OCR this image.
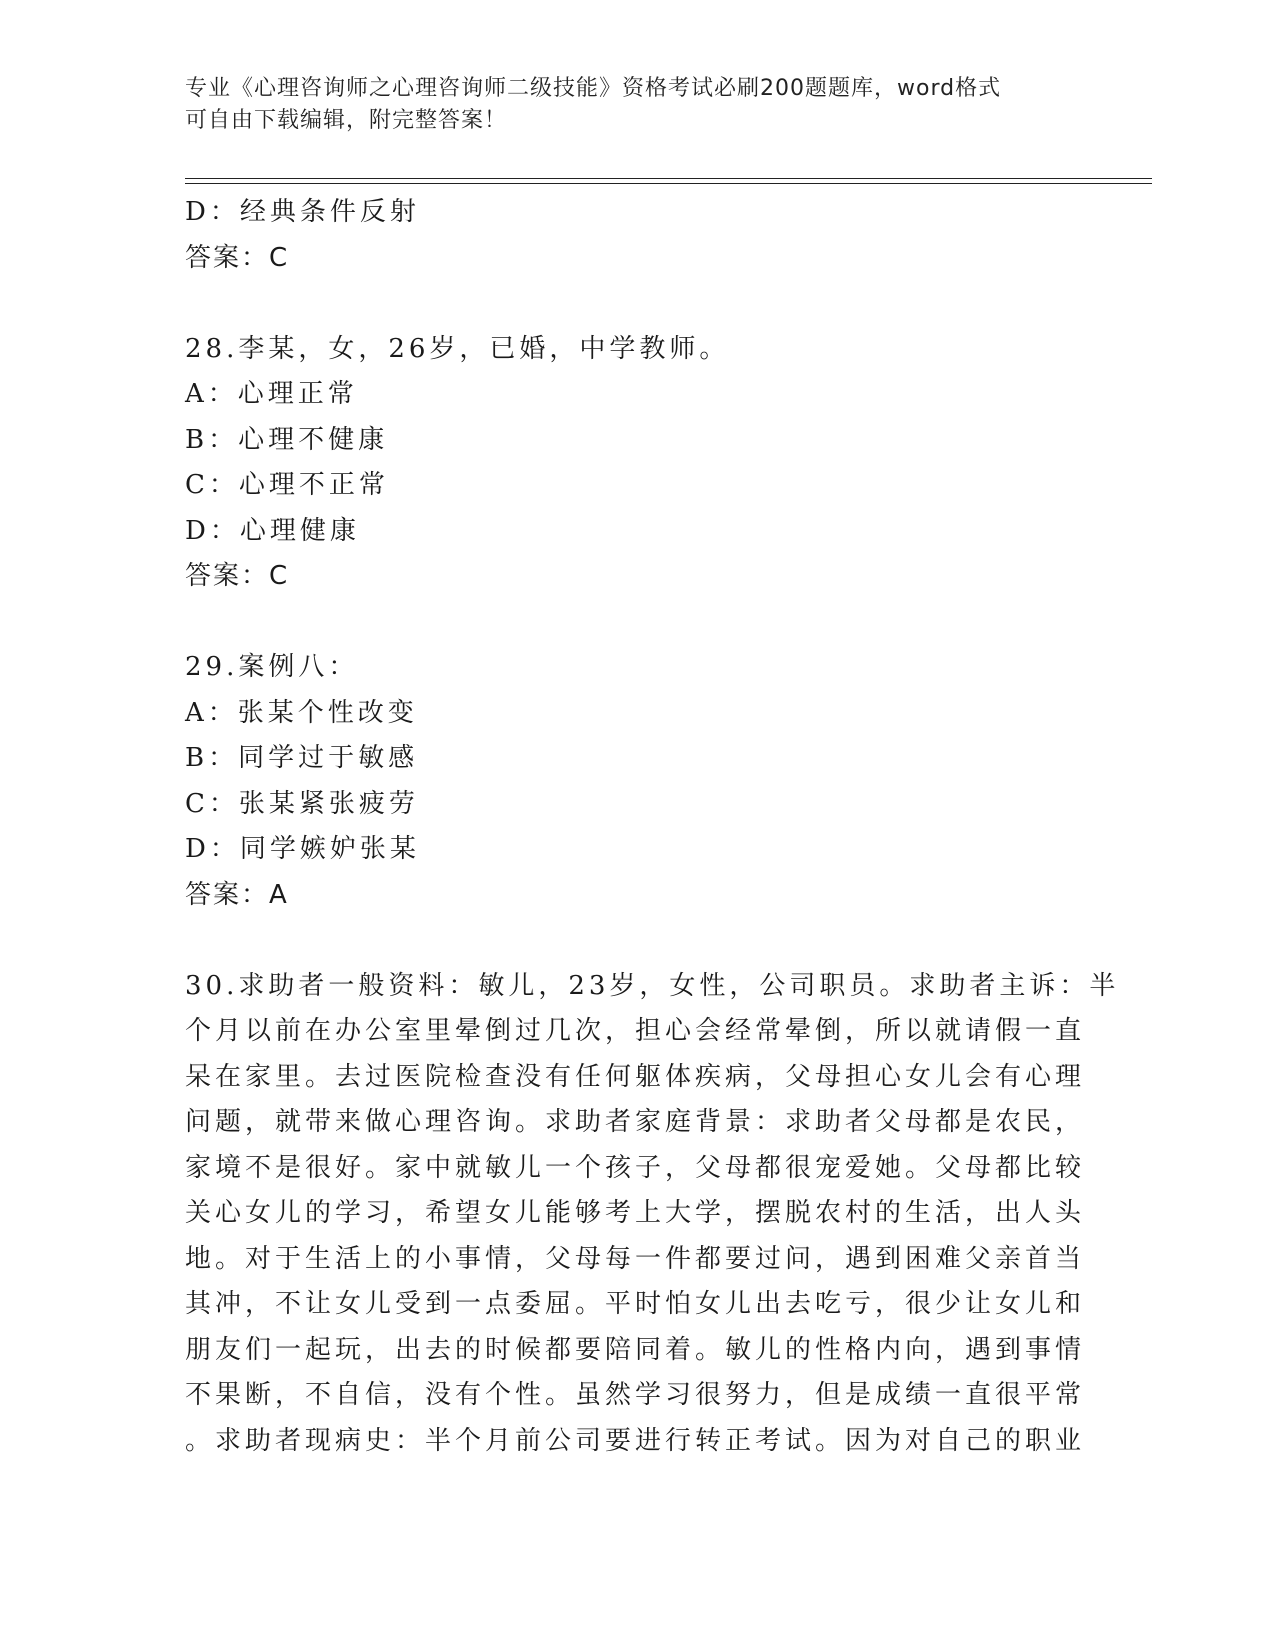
专业《心理咨询师之心理咨询师二级技能》资格考试必刷200题题库，word格式
可自由下载编辑，附完整答案！
D：经典条件反射
答案：C
28.李某，女，26岁，已婚，中学教师。
A：心理正常
B：心理不健康
C：心理不正常
D：心理健康
答案：C
29.案例八：
A：张某个性改变
B：同学过于敏感
C：张某紧张疲劳
D：同学嫉妒张某
答案：A
30.求助者一般资料：敏儿，23岁，女性，公司职员。求助者主诉：半
个月以前在办公室里晕倒过几次，担心会经常晕倒，所以就请假一直
呆在家里。去过医院检查没有任何躯体疾病，父母担心女儿会有心理
问题，就带来做心理咨询。求助者家庭背景：求助者父母都是农民，
家境不是很好。家中就敏儿一个孩子，父母都很宠爱她。父母都比较
关心女儿的学习，希望女儿能够考上大学，摆脱农村的生活，出人头
地。对于生活上的小事情，父母每一件都要过问，遇到困难父亲首当
其冲，不让女儿受到一点委屈。平时怕女儿出去吃亏，很少让女儿和
朋友们一起玩，出去的时候都要陪同着。敏儿的性格内向，遇到事情
不果断，不自信，没有个性。虽然学习很努力，但是成绩一直很平常
。求助者现病史：半个月前公司要进行转正考试。因为对自己的职业
